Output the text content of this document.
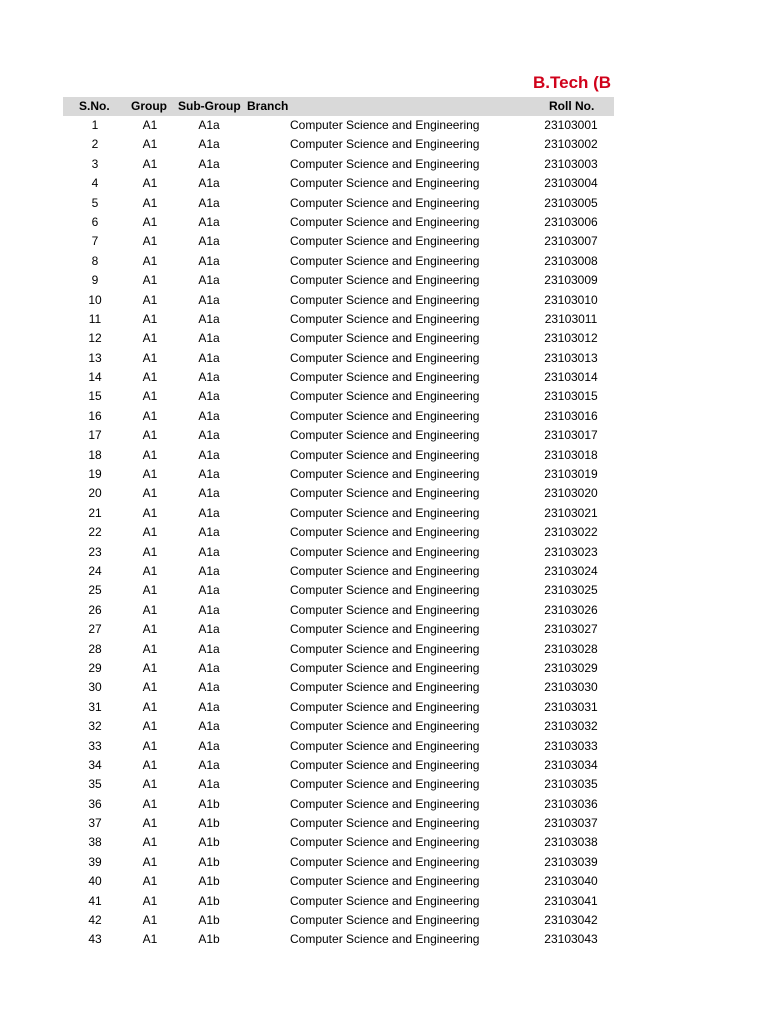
B.Tech (B
S.No. Group Sub-Group Branch	Roll No.
1	A1	A1a	Computer Science and Engineering	23103001
2	A1	A1a	Computer Science and Engineering	23103002
3	A1	A1a	Computer Science and Engineering	23103003
4	A1	A1a	Computer Science and Engineering	23103004
5	A1	A1a	Computer Science and Engineering	23103005
6	A1	A1a	Computer Science and Engineering	23103006
7	A1	A1a	Computer Science and Engineering	23103007
8	A1	A1a	Computer Science and Engineering	23103008
9	A1	A1a	Computer Science and Engineering	23103009
10	A1	A1a	Computer Science and Engineering	23103010
11	A1	A1a	Computer Science and Engineering	23103011
12	A1	A1a	Computer Science and Engineering	23103012
13	A1	A1a	Computer Science and Engineering	23103013
14	A1	A1a	Computer Science and Engineering	23103014
15	A1	A1a	Computer Science and Engineering	23103015
16	A1	A1a	Computer Science and Engineering	23103016
17	A1	A1a	Computer Science and Engineering	23103017
18	A1	A1a	Computer Science and Engineering	23103018
19	A1	A1a	Computer Science and Engineering	23103019
20	A1	A1a	Computer Science and Engineering	23103020
21	A1	A1a	Computer Science and Engineering	23103021
22	A1	A1a	Computer Science and Engineering	23103022
23	A1	A1a	Computer Science and Engineering	23103023
24	A1	A1a	Computer Science and Engineering	23103024
25	A1	A1a	Computer Science and Engineering	23103025
26	A1	A1a	Computer Science and Engineering	23103026
27	A1	A1a	Computer Science and Engineering	23103027
28	A1	A1a	Computer Science and Engineering	23103028
29	A1	A1a	Computer Science and Engineering	23103029
30	A1	A1a	Computer Science and Engineering	23103030
31	A1	A1a	Computer Science and Engineering	23103031
32	A1	A1a	Computer Science and Engineering	23103032
33	A1	A1a	Computer Science and Engineering	23103033
34	A1	A1a	Computer Science and Engineering	23103034
35	A1	A1a	Computer Science and Engineering	23103035
36	A1	A1b	Computer Science and Engineering	23103036
37	A1	A1b	Computer Science and Engineering	23103037
38	A1	A1b	Computer Science and Engineering	23103038
39	A1	A1b	Computer Science and Engineering	23103039
40	A1	A1b	Computer Science and Engineering	23103040
41	A1	A1b	Computer Science and Engineering	23103041
42	A1	A1b	Computer Science and Engineering	23103042
43	A1	A1b	Computer Science and Engineering	23103043
